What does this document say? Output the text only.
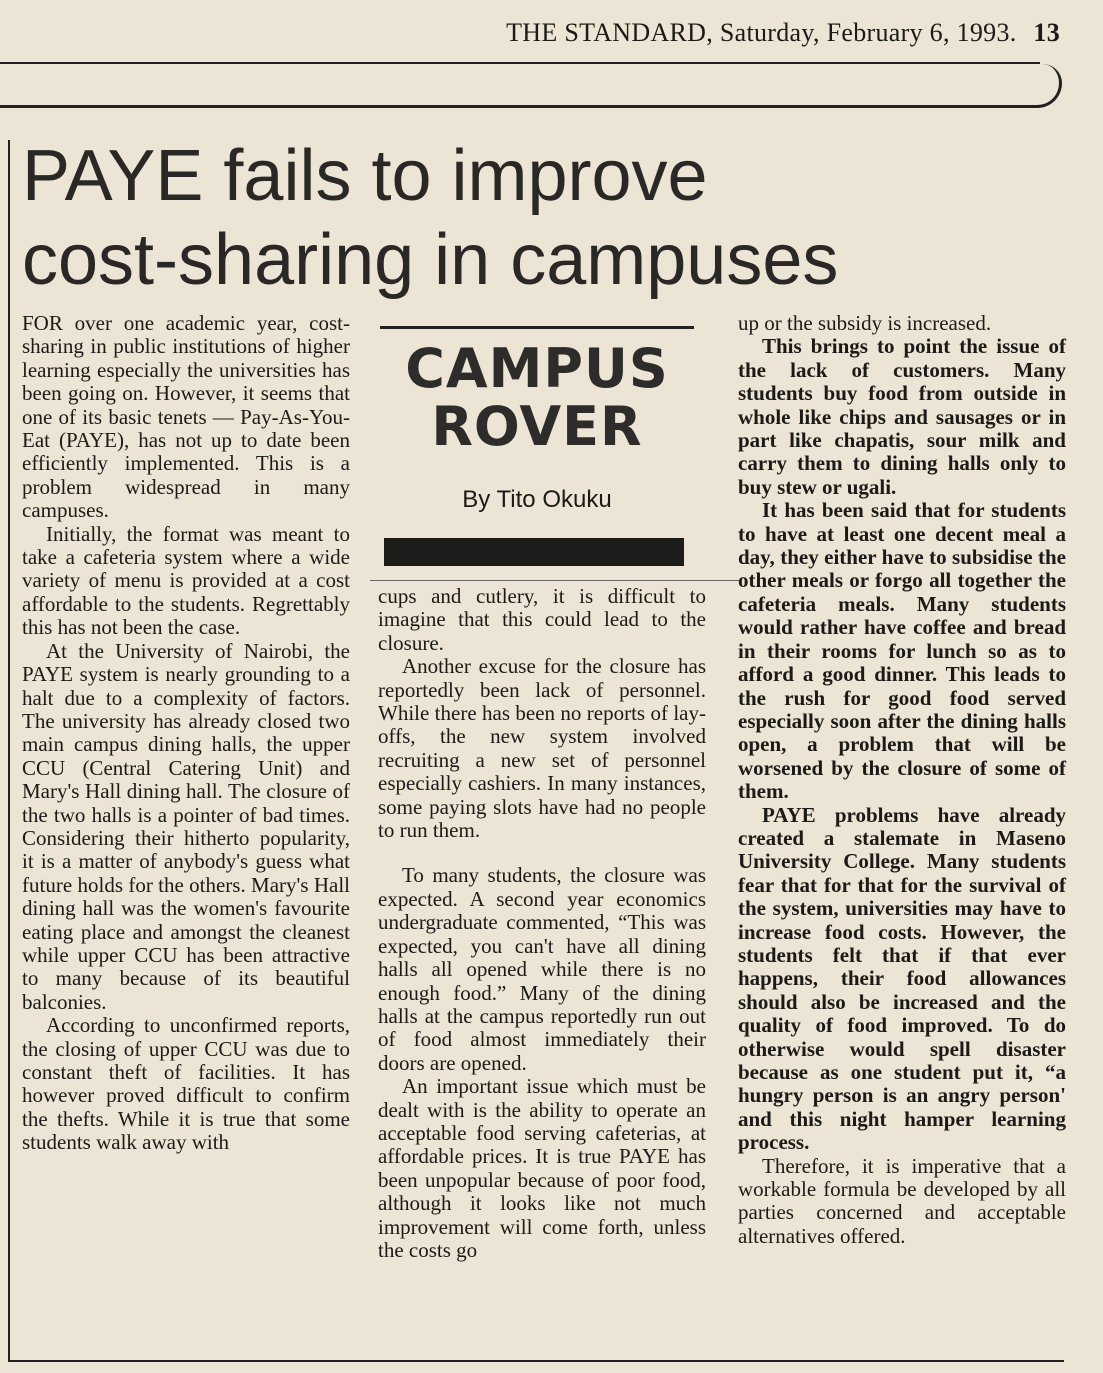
THE STANDARD, Saturday, February 6, 1993. 13
PAYE fails to improve
cost-sharing in campuses

FOR over one academic year, cost-sharing in public institutions of higher learning especially the universities has been going on. However, it seems that one of its basic tenets — Pay-As-You-Eat (PAYE), has not up to date been efficiently implemented. This is a problem widespread in many campuses.

Initially, the format was meant to take a cafeteria system where a wide variety of menu is provided at a cost affordable to the students. Regrettably this has not been the case.

At the University of Nairobi, the PAYE system is nearly grounding to a halt due to a complexity of factors. The university has already closed two main campus dining halls, the upper CCU (Central Catering Unit) and Mary's Hall dining hall. The closure of the two halls is a pointer of bad times. Considering their hitherto popularity, it is a matter of anybody's guess what future holds for the others. Mary's Hall dining hall was the women's favourite eating place and amongst the cleanest while upper CCU has been attractive to many because of its beautiful balconies.

According to unconfirmed reports, the closing of upper CCU was due to constant theft of facilities. It has however proved difficult to confirm the thefts. While it is true that some students walk away with

CAMPUS
ROVER
By Tito Okuku

cups and cutlery, it is difficult to imagine that this could lead to the closure.

Another excuse for the closure has reportedly been lack of personnel. While there has been no reports of lay-offs, the new system involved recruiting a new set of personnel especially cashiers. In many instances, some paying slots have had no people to run them.

To many students, the closure was expected. A second year economics undergraduate commented, “This was expected, you can't have all dining halls all opened while there is no enough food.” Many of the dining halls at the campus reportedly run out of food almost immediately their doors are opened.

An important issue which must be dealt with is the ability to operate an acceptable food serving cafeterias, at affordable prices. It is true PAYE has been unpopular because of poor food, although it looks like not much improvement will come forth, unless the costs go

up or the subsidy is increased.

This brings to point the issue of the lack of customers. Many students buy food from outside in whole like chips and sausages or in part like chapatis, sour milk and carry them to dining halls only to buy stew or ugali.

It has been said that for students to have at least one decent meal a day, they either have to subsidise the other meals or forgo all together the cafeteria meals. Many students would rather have coffee and bread in their rooms for lunch so as to afford a good dinner. This leads to the rush for good food served especially soon after the dining halls open, a problem that will be worsened by the closure of some of them.

PAYE problems have already created a stalemate in Maseno University College. Many students fear that for that for the survival of the system, universities may have to increase food costs. However, the students felt that if that ever happens, their food allowances should also be increased and the quality of food improved. To do otherwise would spell disaster because as one student put it, “a hungry person is an angry person' and this night hamper learning process.

Therefore, it is imperative that a workable formula be developed by all parties concerned and acceptable alternatives offered.
